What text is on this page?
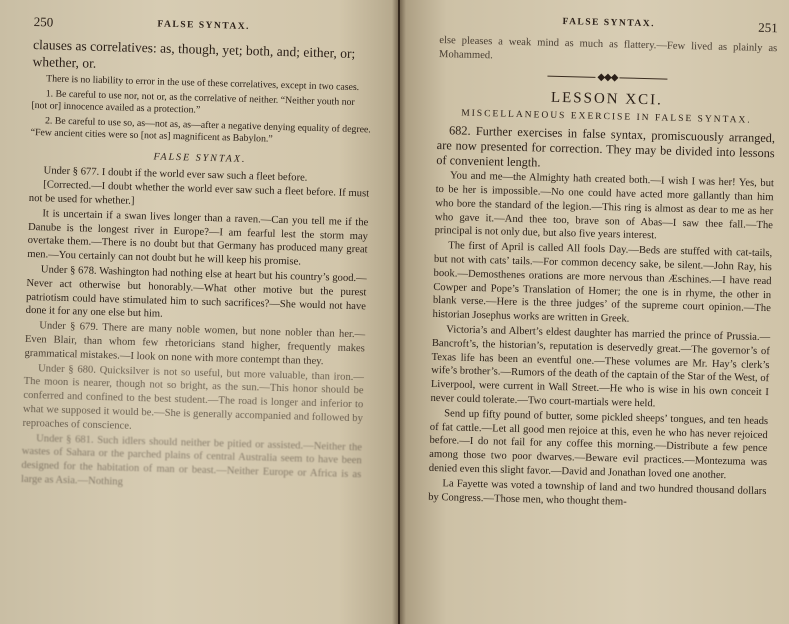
250	FALSE SYNTAX.

clauses as correlatives: as, though, yet; both, and; either, or; whether, or.

There is no liability to error in the use of these correlatives, except in two cases.

1. Be careful to use nor, not or, as the correlative of neither. “Neither youth nor [not or] innocence availed as a protection.”

2. Be careful to use so, as—not as, as—after a negative denying equality of degree. “Few ancient cities were so [not as] magnificent as Babylon.”

FALSE SYNTAX.

Under § 677. I doubt if the world ever saw such a fleet before.

[Corrected.—I doubt whether the world ever saw such a fleet before. If must not be used for whether.]

It is uncertain if a swan lives longer than a raven.—Can you tell me if the Danube is the longest river in Europe?—I am fearful lest the storm may overtake them.—There is no doubt but that Germany has produced many great men.—You certainly can not doubt but he will keep his promise.

Under § 678. Washington had nothing else at heart but his country’s good.—Never act otherwise but honorably.—What other motive but the purest patriotism could have stimulated him to such sacrifices?—She would not have done it for any one else but him.

Under § 679. There are many noble women, but none nobler than her.—Even Blair, than whom few rhetoricians stand higher, frequently makes grammatical mistakes.—I look on none with more contempt than they.

Under § 680. Quicksilver is not so useful, but more valuable, than iron.—The moon is nearer, though not so bright, as the sun.—This honor should be conferred and confined to the best student.—The road is longer and inferior to what we supposed it would be.—She is generally accompanied and followed by reproaches of conscience.

Under § 681. Such idlers should neither be pitied or assisted.—Neither the wastes of Sahara or the parched plains of central Australia seem to have been designed for the habitation of man or beast.—Neither Europe or Africa is as large as Asia.—Nothing

FALSE SYNTAX.	251

else pleases a weak mind as much as flattery.—Few lived as plainly as Mohammed.

◆◆◆
LESSON XCI.
MISCELLANEOUS EXERCISE IN FALSE SYNTAX.

682. Further exercises in false syntax, promiscuously arranged, are now presented for correction. They may be divided into lessons of convenient length.

You and me—the Almighty hath created both.—I wish I was her! Yes, but to be her is impossible.—No one could have acted more gallantly than him who bore the standard of the legion.—This ring is almost as dear to me as her who gave it.—And thee too, brave son of Abas—I saw thee fall.—The principal is not only due, but also five years interest.

The first of April is called All fools Day.—Beds are stuffed with cat-tails, but not with cats’ tails.—For common decency sake, be silent.—John Ray, his book.—Demosthenes orations are more nervous than Æschines.—I have read Cowper and Pope’s Translation of Homer; the one is in rhyme, the other in blank verse.—Here is the three judges’ of the supreme court opinion.—The historian Josephus works are written in Greek.

Victoria’s and Albert’s eldest daughter has married the prince of Prussia.—Bancroft’s, the historian’s, reputation is deservedly great.—The governor’s of Texas life has been an eventful one.—These volumes are Mr. Hay’s clerk’s wife’s brother’s.—Rumors of the death of the captain of the Star of the West, of Liverpool, were current in Wall Street.—He who is wise in his own conceit I never could tolerate.—Two court-martials were held.

Send up fifty pound of butter, some pickled sheeps’ tongues, and ten heads of fat cattle.—Let all good men rejoice at this, even he who has never rejoiced before.—I do not fail for any coffee this morning.—Distribute a few pence among those two poor dwarves.—Beware evil practices.—Montezuma was denied even this slight favor.—David and Jonathan loved one another.

La Fayette was voted a township of land and two hundred thousand dollars by Congress.—Those men, who thought them-
